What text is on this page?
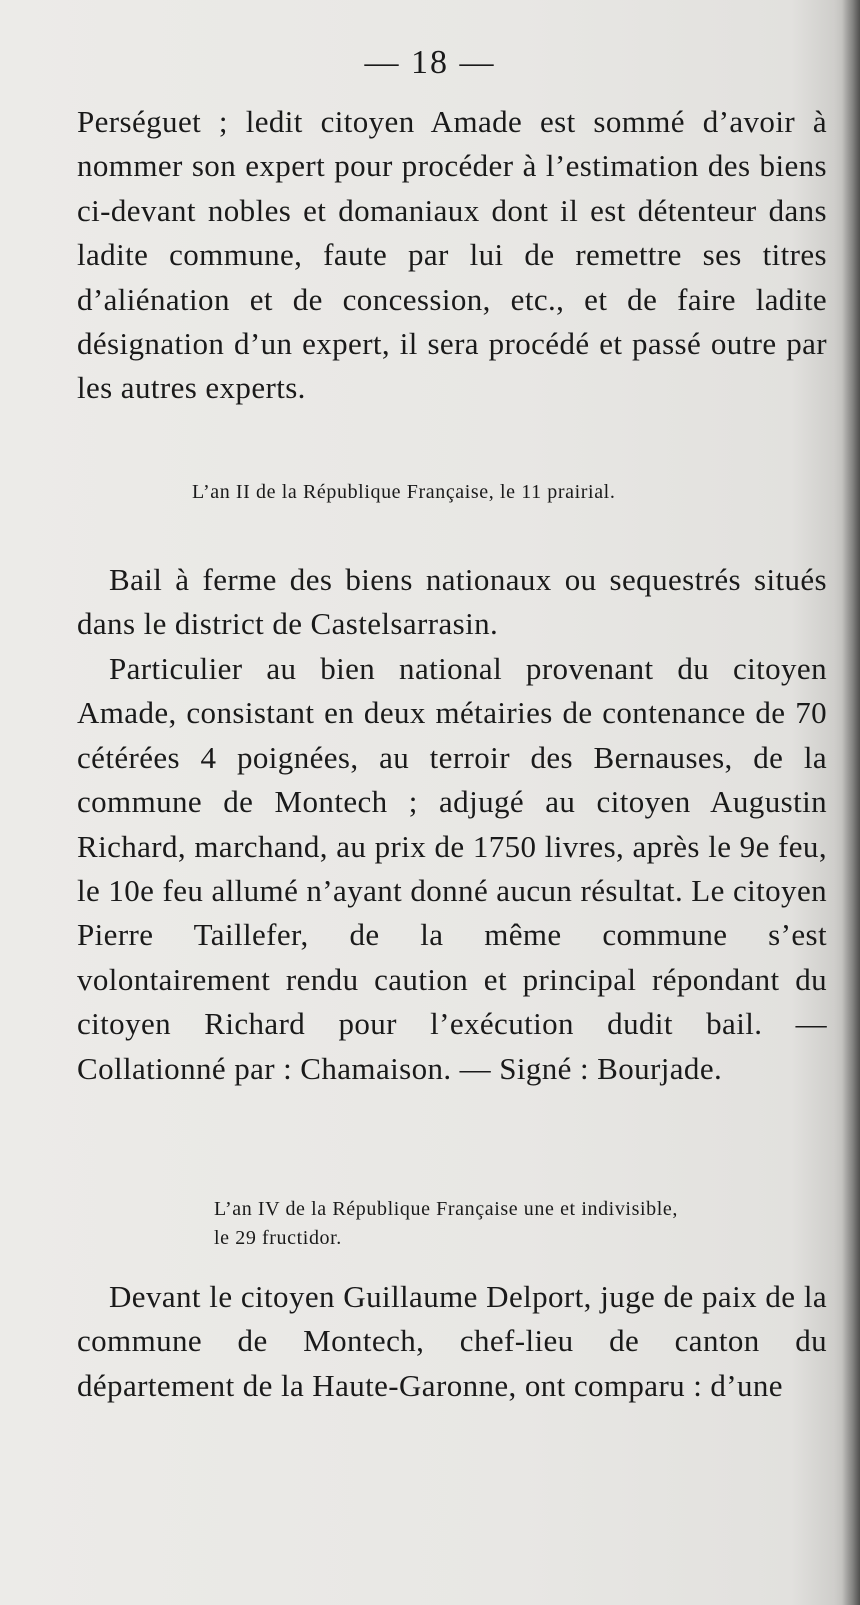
— 18 —

Perséguet ; ledit citoyen Amade est sommé d’avoir à nommer son expert pour procéder à l’estimation des biens ci-devant nobles et domaniaux dont il est détenteur dans ladite commune, faute par lui de remettre ses titres d’aliénation et de concession, etc., et de faire ladite désignation d’un expert, il sera procédé et passé outre par les autres experts.

L’an II de la République Française, le 11 prairial.

Bail à ferme des biens nationaux ou sequestrés situés dans le district de Castelsarrasin.

Particulier au bien national provenant du citoyen Amade, consistant en deux métairies de contenance de 70 cétérées 4 poignées, au terroir des Bernauses, de la commune de Montech ; adjugé au citoyen Augustin Richard, marchand, au prix de 1750 livres, après le 9e feu, le 10e feu allumé n’ayant donné aucun résultat. Le citoyen Pierre Taillefer, de la même commune s’est volontairement rendu caution et principal répondant du citoyen Richard pour l’exécution dudit bail. — Collationné par : Chamaison. — Signé : Bourjade.

L’an IV de la République Française une et indivisible,
le 29 fructidor.

Devant le citoyen Guillaume Delport, juge de paix de la commune de Montech, chef-lieu de canton du département de la Haute-Garonne, ont comparu : d’une
